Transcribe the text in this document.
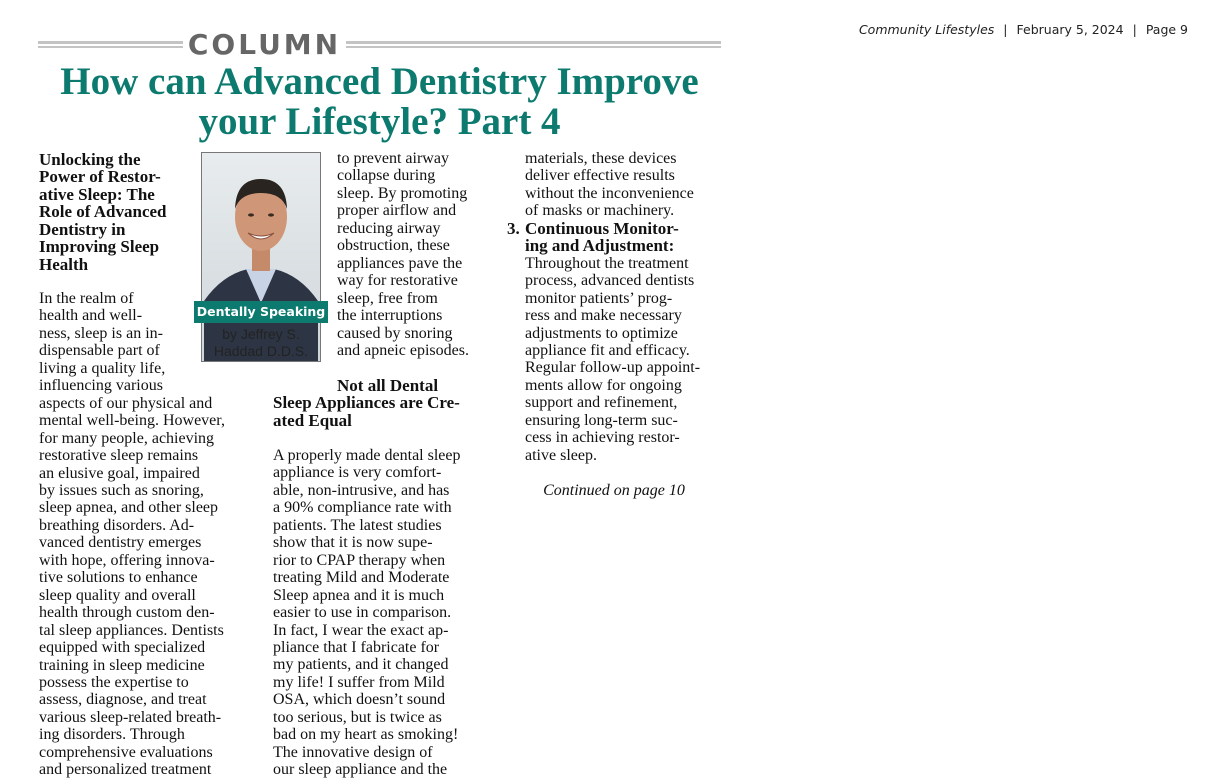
Community Lifestyles | February 5, 2024 | Page 9
COLUMN
How can Advanced Dentistry Improve
your Lifestyle? Part 4
Unlocking the
Power of Restor-
ative Sleep: The
Role of Advanced
Dentistry in
Improving Sleep
Health

In the realm of

health and well-

ness, sleep is an in-

dispensable part of

living a quality life,

influencing various

aspects of our physical and

mental well-being. However,

for many people, achieving

restorative sleep remains

an elusive goal, impaired

by issues such as snoring,

sleep apnea, and other sleep

breathing disorders. Ad-

vanced dentistry emerges

with hope, offering innova-

tive solutions to enhance

sleep quality and overall

health through custom den-

tal sleep appliances. Dentists

equipped with specialized

training in sleep medicine

possess the expertise to

assess, diagnose, and treat

various sleep-related breath-

ing disorders. Through

comprehensive evaluations

and personalized treatment

Dentally Speaking
by Jeffrey S.
Haddad D.D.S.

to prevent airway

collapse during

sleep. By promoting

proper airflow and

reducing airway

obstruction, these

appliances pave the

way for restorative

sleep, free from

the interruptions

caused by snoring

and apneic episodes.

Not all Dental
Sleep Appliances are Cre-
ated Equal

A properly made dental sleep

appliance is very comfort-

able, non-intrusive, and has

a 90% compliance rate with

patients. The latest studies

show that it is now supe-

rior to CPAP therapy when

treating Mild and Moderate

Sleep apnea and it is much

easier to use in comparison.

In fact, I wear the exact ap-

pliance that I fabricate for

my patients, and it changed

my life! I suffer from Mild

OSA, which doesn’t sound

too serious, but is twice as

bad on my heart as smoking!

The innovative design of

our sleep appliance and the

materials, these devices

deliver effective results

without the inconvenience

of masks or machinery.

3. Continuous Monitor-

ing and Adjustment:

Throughout the treatment

process, advanced dentists

monitor patients’ prog-

ress and make necessary

adjustments to optimize

appliance fit and efficacy.

Regular follow-up appoint-

ments allow for ongoing

support and refinement,

ensuring long-term suc-

cess in achieving restor-

ative sleep.

Continued on page 10
